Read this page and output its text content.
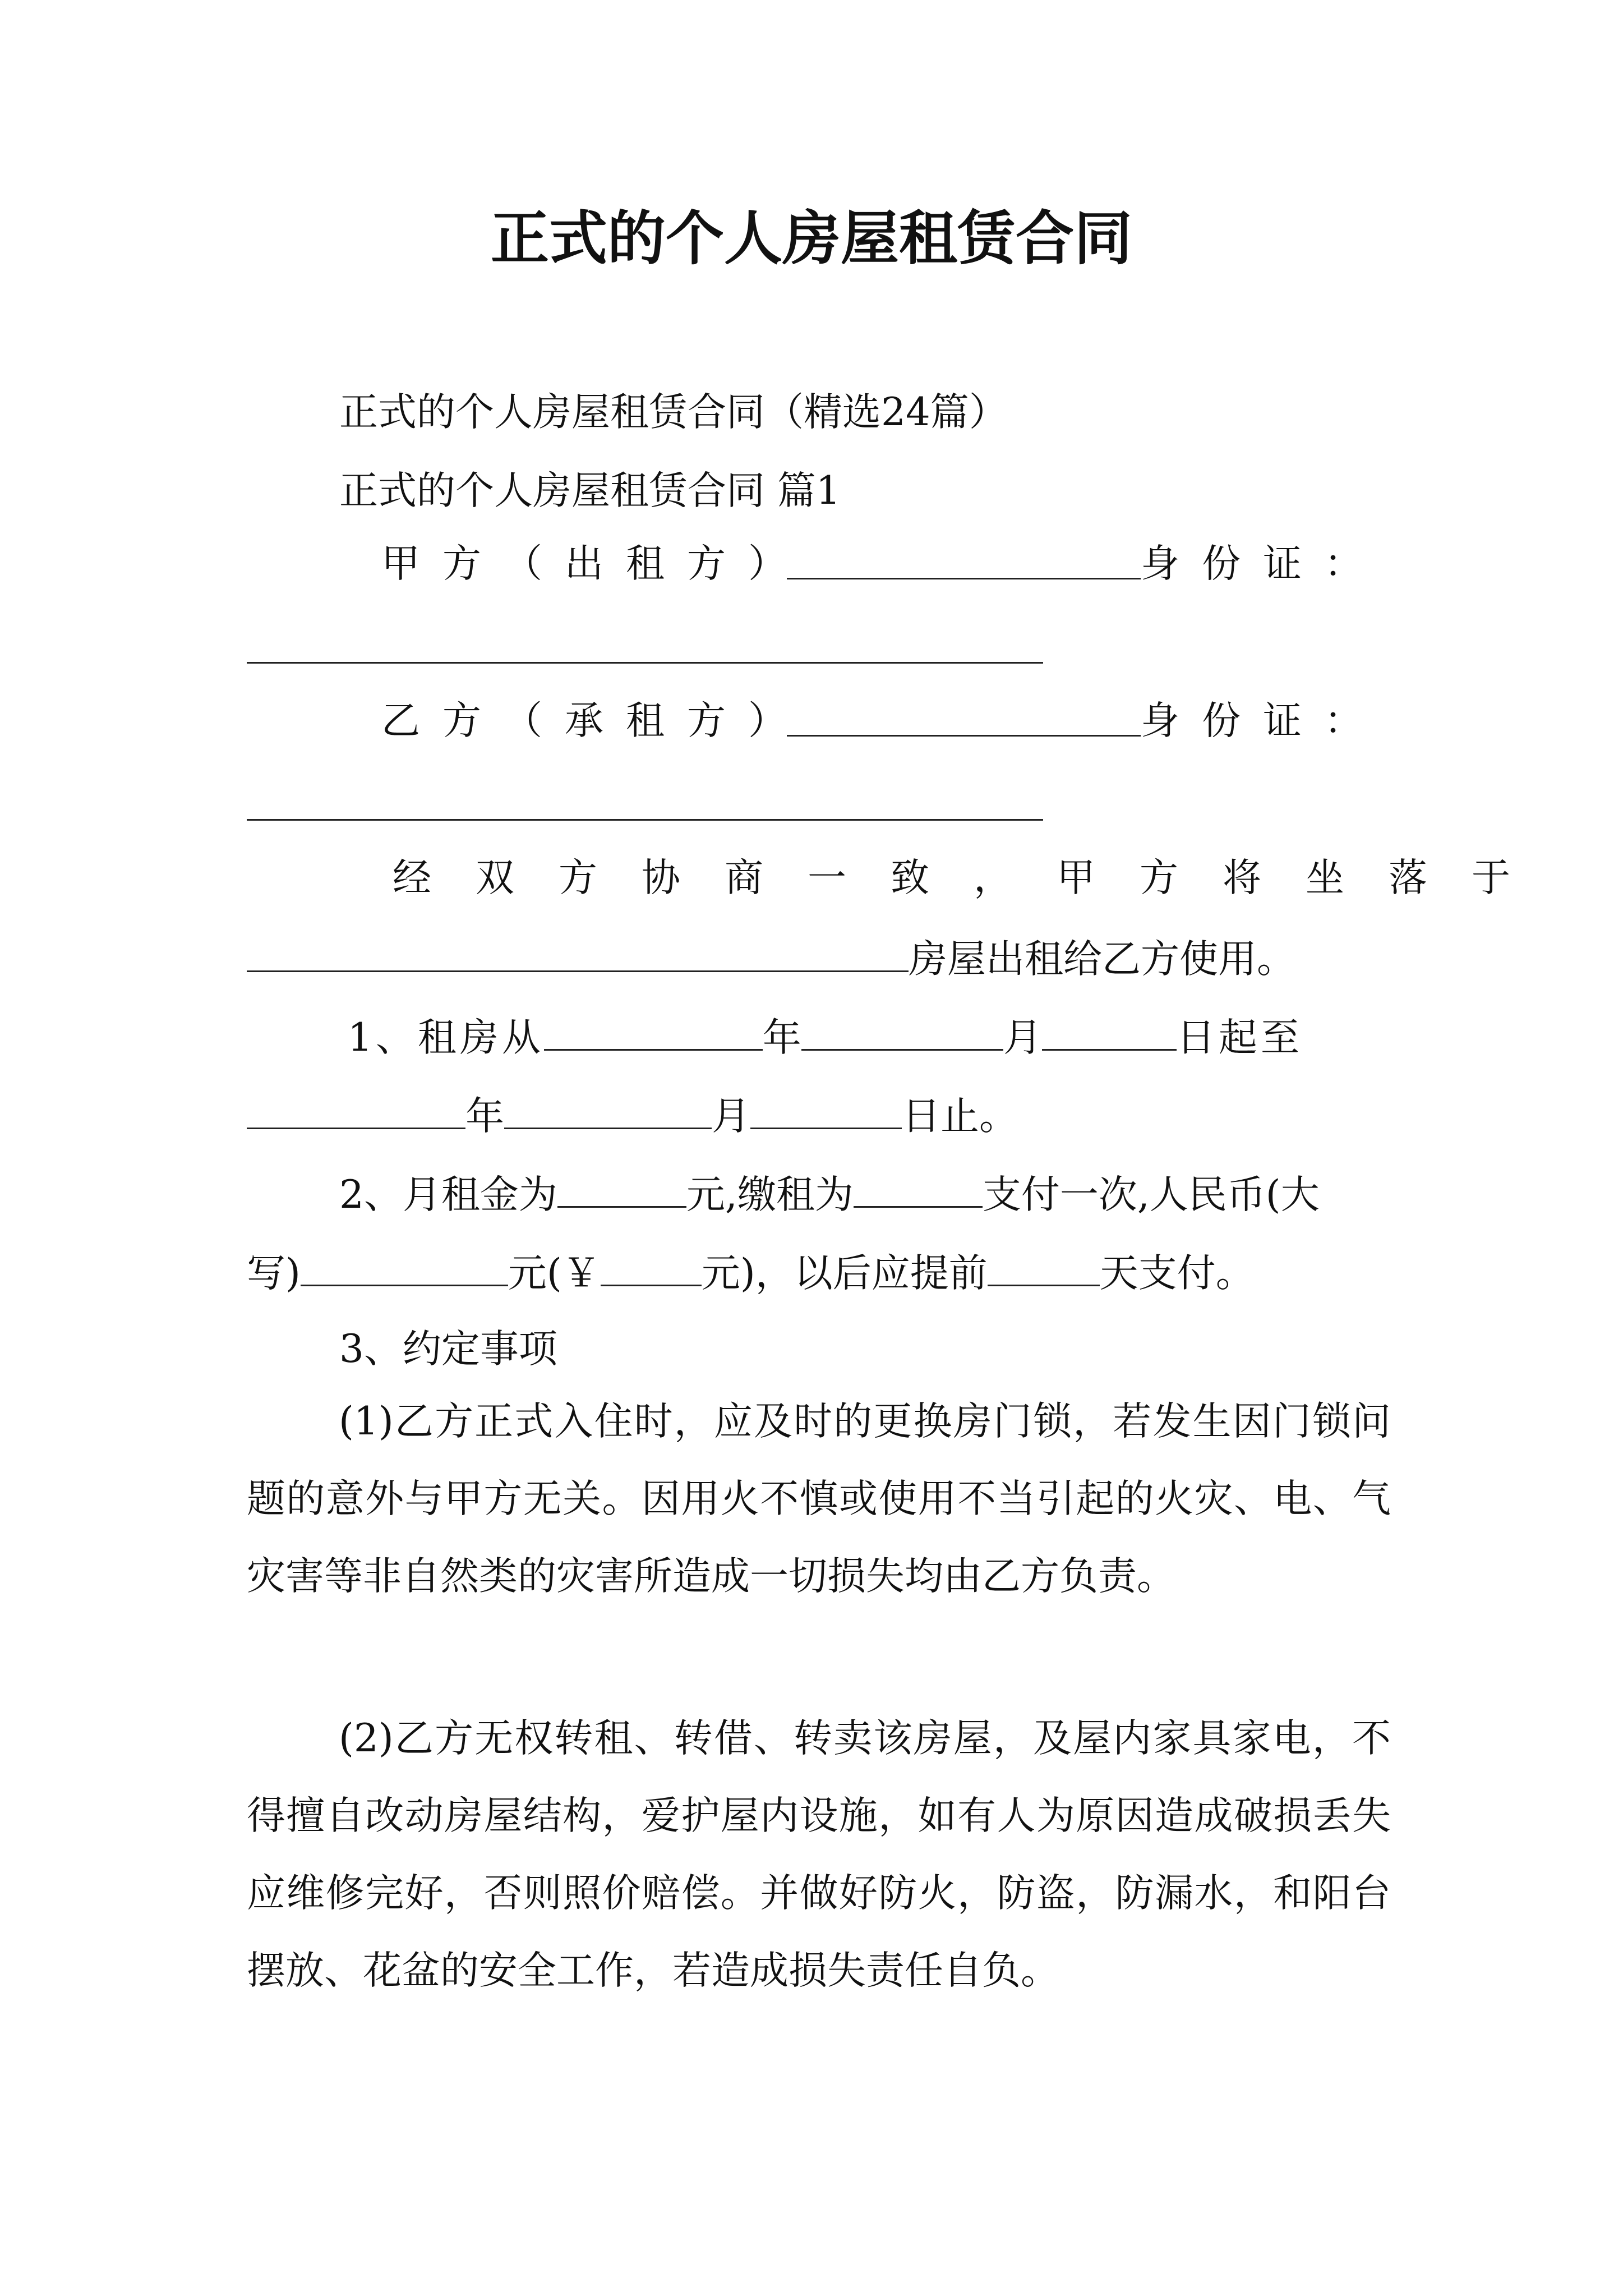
正式的个人房屋租赁合同
正式的个人房屋租赁合同（精选24篇）
正式的个人房屋租赁合同 篇1
甲方（出租方）	身份证：
乙方（承租方）	身份证：
经双方协商一致，甲方将坐落于
房屋出租给乙方使用。
1、租房从	年	月	日起至
年	月	日止。
2、月租金为	元,缴租为	支付一次,人民币(大
写)	元(￥	元)，以后应提前	天支付。
3、约定事项
(1)乙方正式入住时，应及时的更换房门锁，若发生因门锁问题的意外与甲方无关。因用火不慎或使用不当引起的火灾、电、气灾害等非自然类的灾害所造成一切损失均由乙方负责。
(2)乙方无权转租、转借、转卖该房屋，及屋内家具家电，不得擅自改动房屋结构，爱护屋内设施，如有人为原因造成破损丢失应维修完好，否则照价赔偿。并做好防火，防盗，防漏水，和阳台摆放、花盆的安全工作，若造成损失责任自负。
